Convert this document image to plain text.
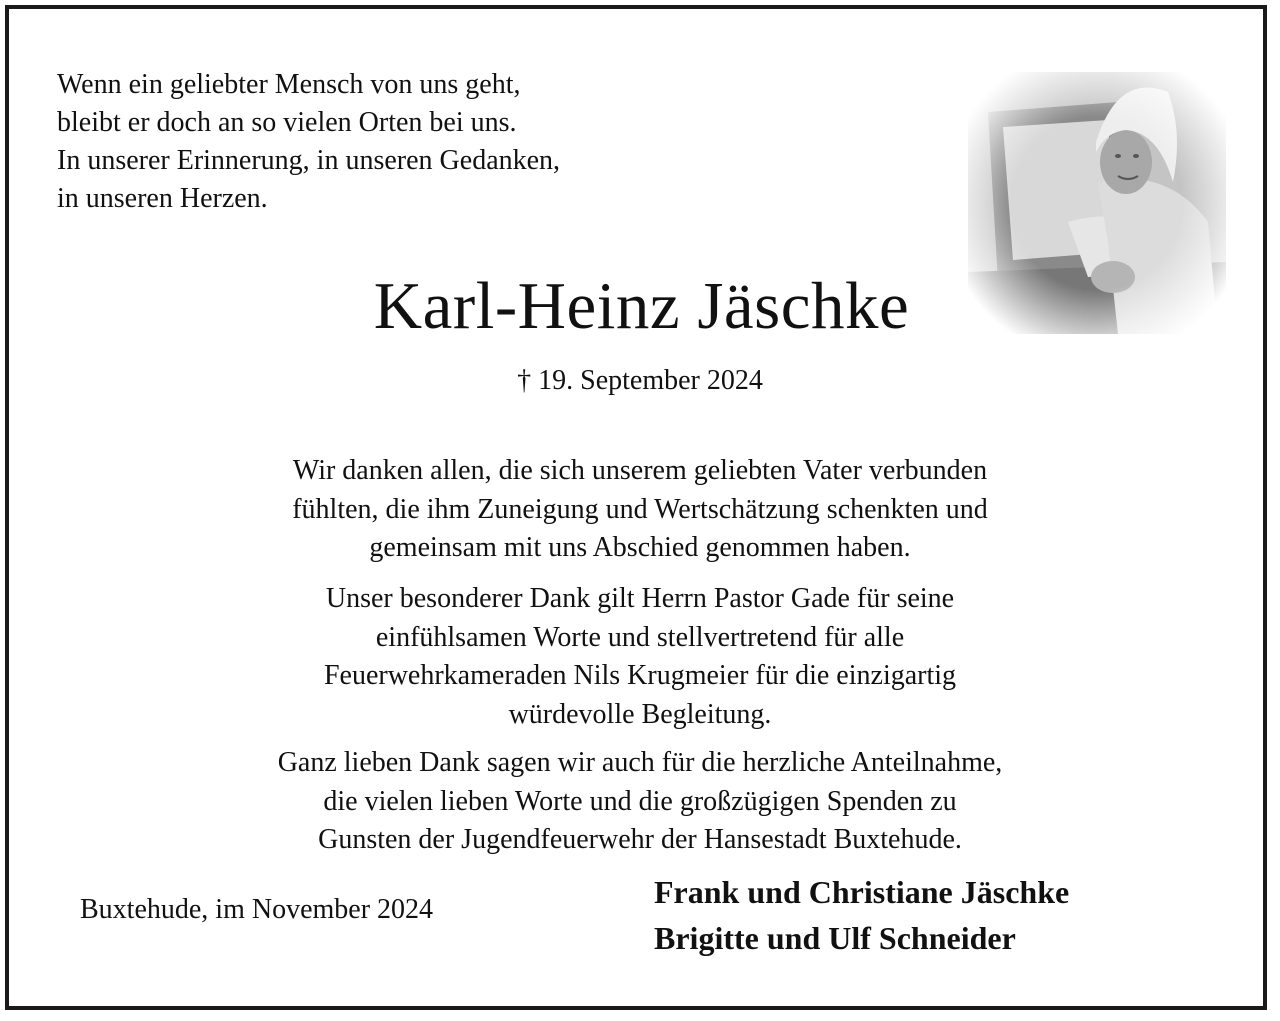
Wenn ein geliebter Mensch von uns geht,
bleibt er doch an so vielen Orten bei uns.
In unserer Erinnerung, in unseren Gedanken,
in unseren Herzen.
Karl-Heinz Jäschke
† 19. September 2024
Wir danken allen, die sich unserem geliebten Vater verbunden
fühlten, die ihm Zuneigung und Wertschätzung schenkten und
gemeinsam mit uns Abschied genommen haben.
Unser besonderer Dank gilt Herrn Pastor Gade für seine
einfühlsamen Worte und stellvertretend für alle
Feuerwehrkameraden Nils Krugmeier für die einzigartig
würdevolle Begleitung.
Ganz lieben Dank sagen wir auch für die herzliche Anteilnahme,
die vielen lieben Worte und die großzügigen Spenden zu
Gunsten der Jugendfeuerwehr der Hansestadt Buxtehude.
Buxtehude, im November 2024	Frank und Christiane Jäschke
Brigitte und Ulf Schneider
